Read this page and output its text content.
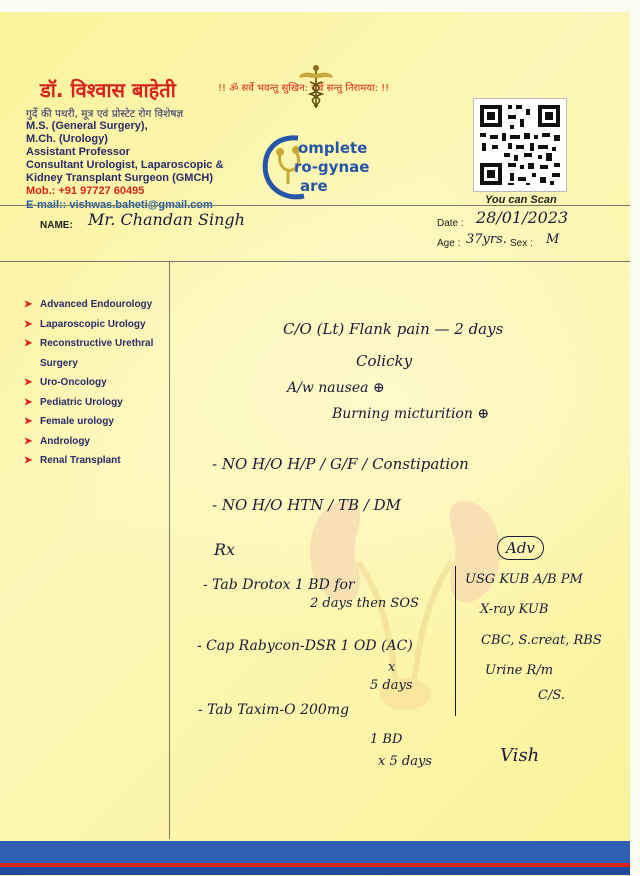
डॉ. विश्वास बाहेती
गुर्दे की पथरी, मूत्र एवं प्रोस्टेट रोग विशेषज्ञ
M.S. (General Surgery),
M.Ch. (Urology)
Assistant Professor
Consultant Urologist, Laparoscopic &
Kidney Transplant Surgeon (GMCH)
Mob.: +91 97727 60495
E-mail:: vishwas.baheti@gmail.com
!! ॐ सर्वे भवन्तु सुखिन: सर्वे सन्तु निरामया: !!
omplete
ro-gynae
are
You can Scan
NAME: Mr. Chandan Singh	Date : 28/01/2023
Age : 37yrs. Sex : M
➤ Advanced Endourology
➤ Laparoscopic Urology
➤ Reconstructive Urethral
Surgery
➤ Uro-Oncology
➤ Pediatric Urology
➤ Female urology
➤ Andrology
➤ Renal Transplant
C/O (Lt) Flank pain — 2 days
Colicky
A/w nausea ⊕
Burning micturition ⊕
- NO H/O H/P / G/F / Constipation
- NO H/O HTN / TB / DM
Rx
- Tab Drotox 1 BD for
2 days then SOS
- Cap Rabycon-DSR 1 OD (AC)
x
5 days
- Tab Taxim-O 200mg
1 BD
x 5 days
Adv
USG KUB A/B PM
X-ray KUB
CBC, S.creat, RBS
Urine R/m
C/S.
Vish
